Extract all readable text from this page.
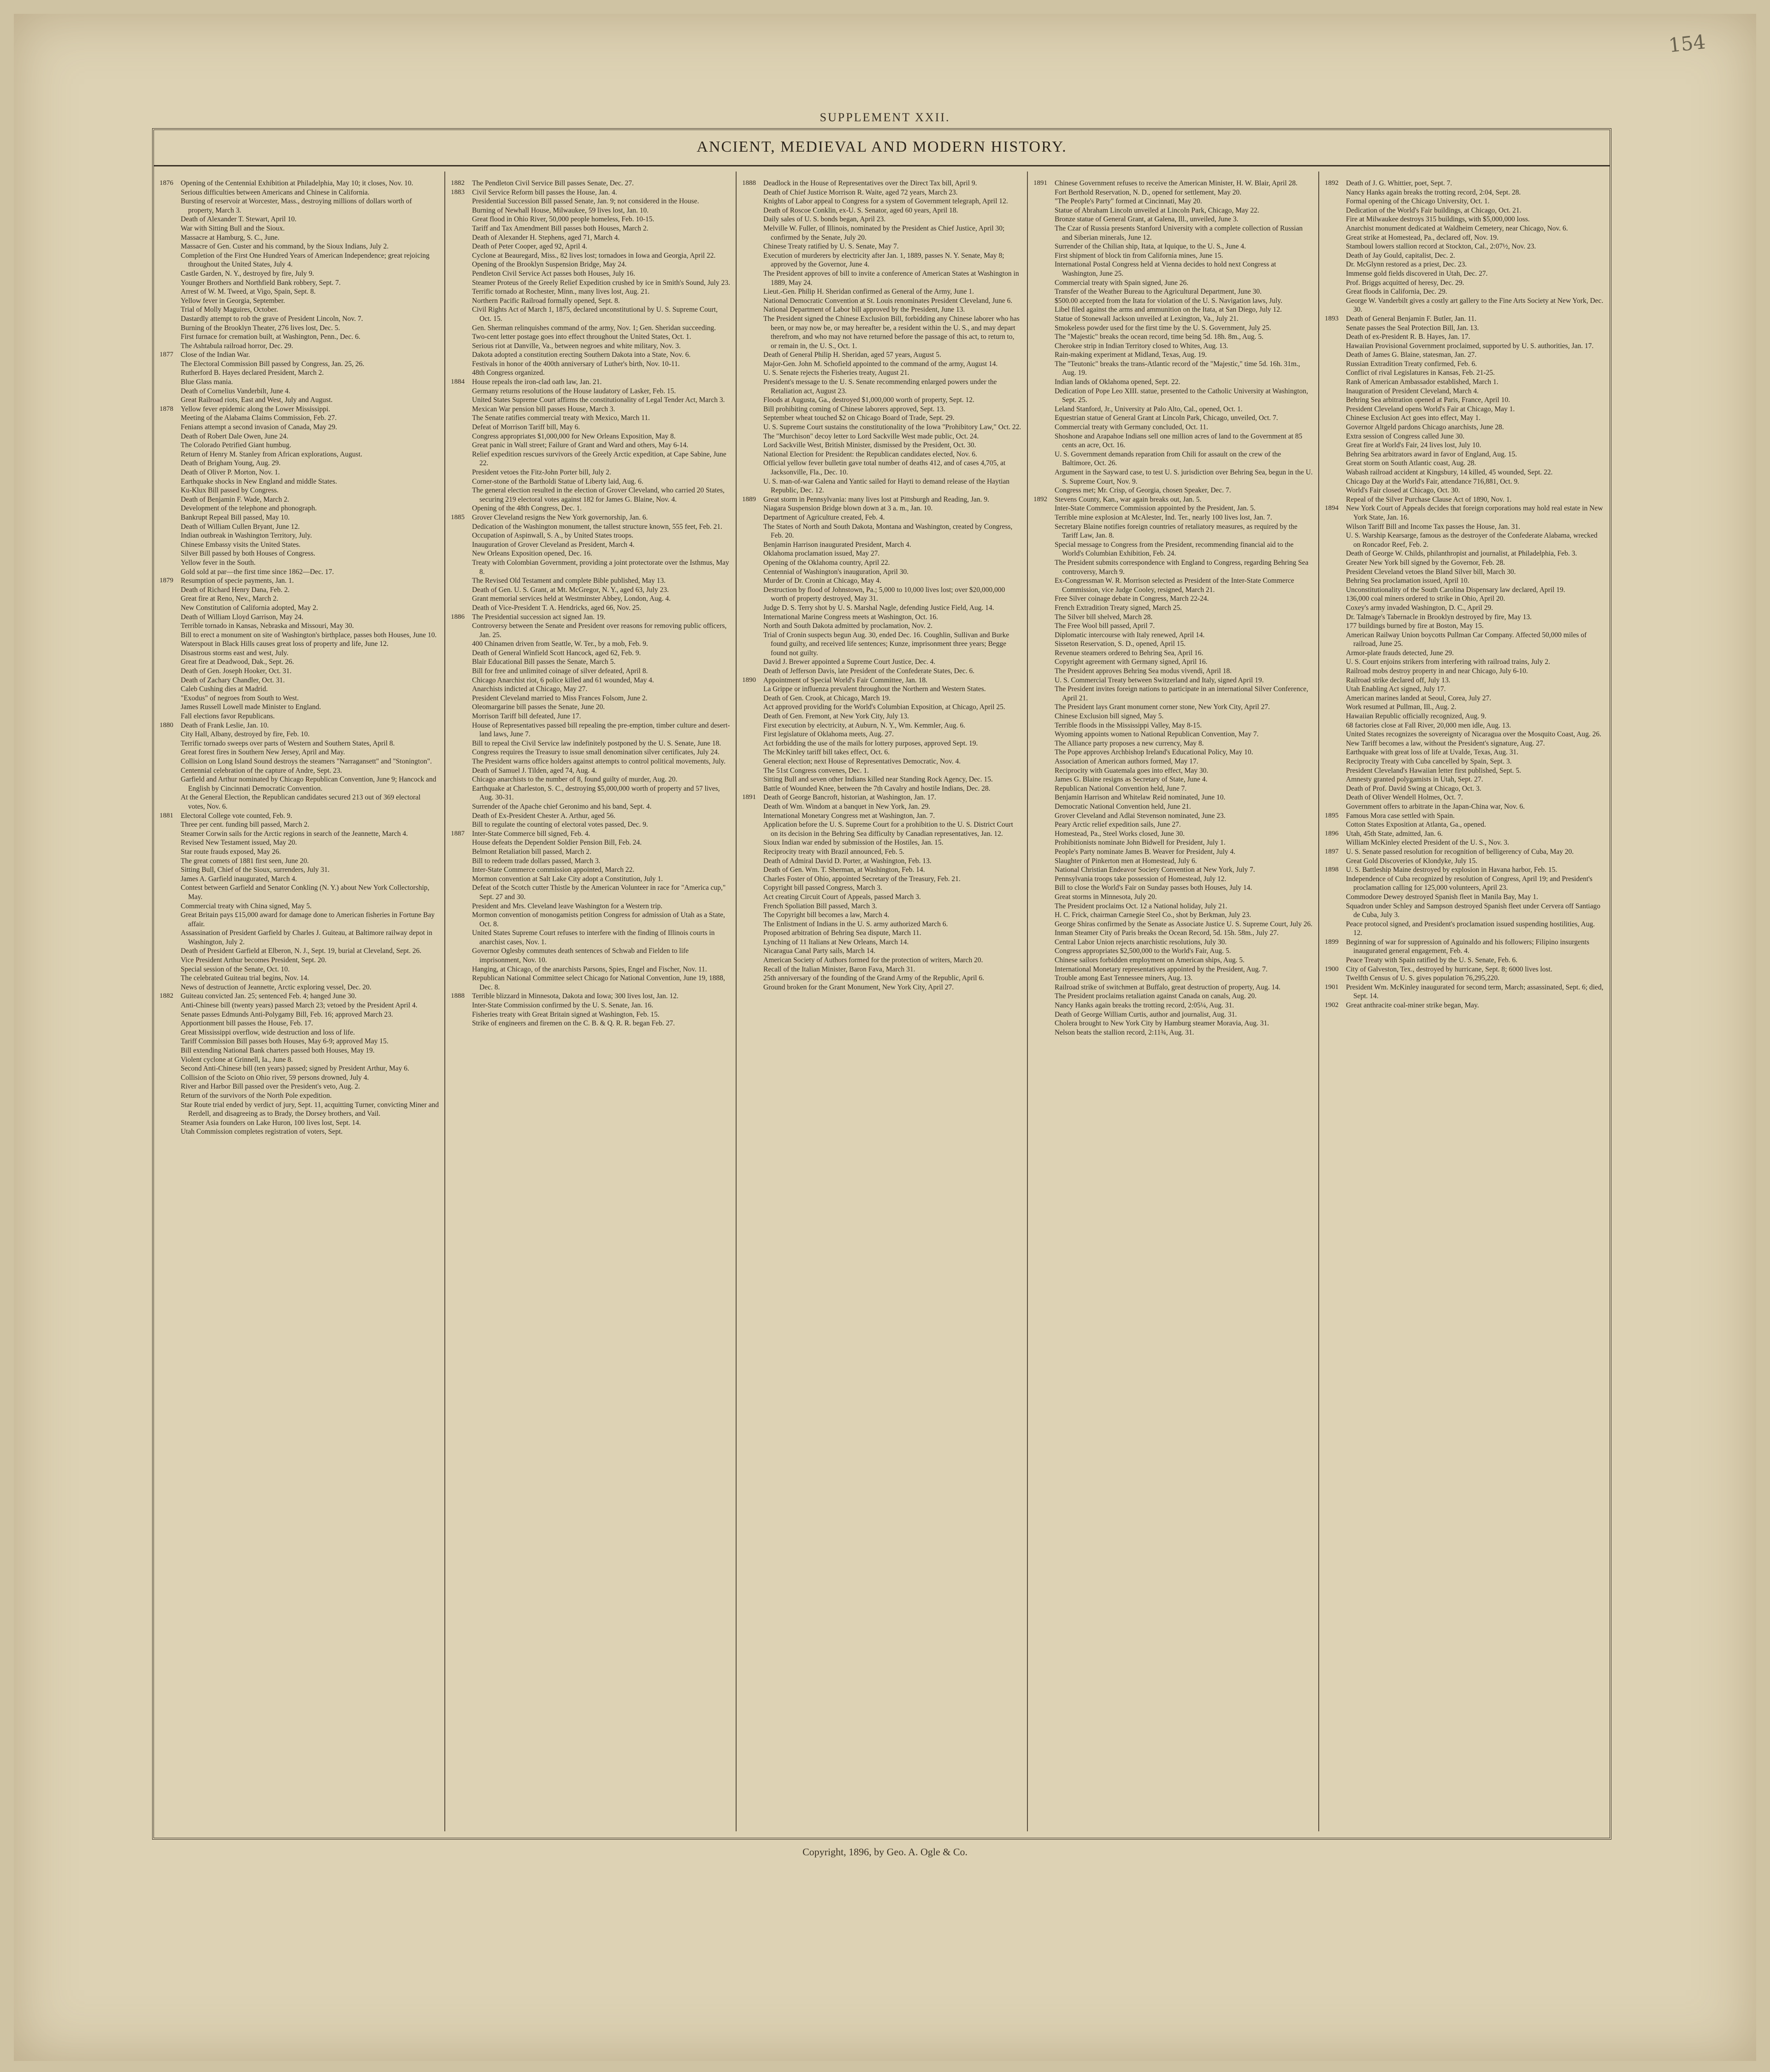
154
SUPPLEMENT XXII.
ANCIENT, MEDIEVAL AND MODERN HISTORY.
1876	Opening of the Centennial Exhibition at Philadelphia, May 10; it closes, Nov. 10.
Serious difficulties between Americans and Chinese in California.
Bursting of reservoir at Worcester, Mass., destroying millions of dollars worth of property, March 3.
Death of Alexander T. Stewart, April 10.
War with Sitting Bull and the Sioux.
Massacre at Hamburg, S. C., June.
Massacre of Gen. Custer and his command, by the Sioux Indians, July 2.
Completion of the First One Hundred Years of American Independence; great rejoicing throughout the United States, July 4.
Castle Garden, N. Y., destroyed by fire, July 9.
Younger Brothers and Northfield Bank robbery, Sept. 7.
Arrest of W. M. Tweed, at Vigo, Spain, Sept. 8.
Yellow fever in Georgia, September.
Trial of Molly Maguires, October.
Dastardly attempt to rob the grave of President Lincoln, Nov. 7.
Burning of the Brooklyn Theater, 276 lives lost, Dec. 5.
First furnace for cremation built, at Washington, Penn., Dec. 6.
The Ashtabula railroad horror, Dec. 29.
1877	Close of the Indian War.
The Electoral Commission Bill passed by Congress, Jan. 25, 26.
Rutherford B. Hayes declared President, March 2.
Blue Glass mania.
Death of Cornelius Vanderbilt, June 4.
Great Railroad riots, East and West, July and August.
1878	Yellow fever epidemic along the Lower Mississippi.
Meeting of the Alabama Claims Commission, Feb. 27.
Fenians attempt a second invasion of Canada, May 29.
Death of Robert Dale Owen, June 24.
The Colorado Petrified Giant humbug.
Return of Henry M. Stanley from African explorations, August.
Death of Brigham Young, Aug. 29.
Death of Oliver P. Morton, Nov. 1.
Earthquake shocks in New England and middle States.
Ku-Klux Bill passed by Congress.
Death of Benjamin F. Wade, March 2.
Development of the telephone and phonograph.
Bankrupt Repeal Bill passed, May 10.
Death of William Cullen Bryant, June 12.
Indian outbreak in Washington Territory, July.
Chinese Embassy visits the United States.
Silver Bill passed by both Houses of Congress.
Yellow fever in the South.
Gold sold at par—the first time since 1862—Dec. 17.
1879	Resumption of specie payments, Jan. 1.
Death of Richard Henry Dana, Feb. 2.
Great fire at Reno, Nev., March 2.
New Constitution of California adopted, May 2.
Death of William Lloyd Garrison, May 24.
Terrible tornado in Kansas, Nebraska and Missouri, May 30.
Bill to erect a monument on site of Washington's birthplace, passes both Houses, June 10.
Waterspout in Black Hills causes great loss of property and life, June 12.
Disastrous storms east and west, July.
Great fire at Deadwood, Dak., Sept. 26.
Death of Gen. Joseph Hooker, Oct. 31.
Death of Zachary Chandler, Oct. 31.
Caleb Cushing dies at Madrid.
"Exodus" of negroes from South to West.
James Russell Lowell made Minister to England.
Fall elections favor Republicans.
1880	Death of Frank Leslie, Jan. 10.
City Hall, Albany, destroyed by fire, Feb. 10.
Terrific tornado sweeps over parts of Western and Southern States, April 8.
Great forest fires in Southern New Jersey, April and May.
Collision on Long Island Sound destroys the steamers "Narragansett" and "Stonington".
Centennial celebration of the capture of Andre, Sept. 23.
Garfield and Arthur nominated by Chicago Republican Convention, June 9; Hancock and English by Cincinnati Democratic Convention.
At the General Election, the Republican candidates secured 213 out of 369 electoral votes, Nov. 6.
1881	Electoral College vote counted, Feb. 9.
Three per cent. funding bill passed, March 2.
Steamer Corwin sails for the Arctic regions in search of the Jeannette, March 4.
Revised New Testament issued, May 20.
Star route frauds exposed, May 26.
The great comets of 1881 first seen, June 20.
Sitting Bull, Chief of the Sioux, surrenders, July 31.
James A. Garfield inaugurated, March 4.
Contest between Garfield and Senator Conkling (N. Y.) about New York Collectorship, May.
Commercial treaty with China signed, May 5.
Great Britain pays £15,000 award for damage done to American fisheries in Fortune Bay affair.
Assassination of President Garfield by Charles J. Guiteau, at Baltimore railway depot in Washington, July 2.
Death of President Garfield at Elberon, N. J., Sept. 19, burial at Cleveland, Sept. 26.
Vice President Arthur becomes President, Sept. 20.
Special session of the Senate, Oct. 10.
The celebrated Guiteau trial begins, Nov. 14.
News of destruction of Jeannette, Arctic exploring vessel, Dec. 20.
1882	Guiteau convicted Jan. 25; sentenced Feb. 4; hanged June 30.
Anti-Chinese bill (twenty years) passed March 23; vetoed by the President April 4.
Senate passes Edmunds Anti-Polygamy Bill, Feb. 16; approved March 23.
Apportionment bill passes the House, Feb. 17.
Great Mississippi overflow, wide destruction and loss of life.
Tariff Commission Bill passes both Houses, May 6-9; approved May 15.
Bill extending National Bank charters passed both Houses, May 19.
Violent cyclone at Grinnell, Ia., June 8.
Second Anti-Chinese bill (ten years) passed; signed by President Arthur, May 6.
Collision of the Scioto on Ohio river, 59 persons drowned, July 4.
River and Harbor Bill passed over the President's veto, Aug. 2.
Return of the survivors of the North Pole expedition.
Star Route trial ended by verdict of jury, Sept. 11, acquitting Turner, convicting Miner and Rerdell, and disagreeing as to Brady, the Dorsey brothers, and Vail.
Steamer Asia founders on Lake Huron, 100 lives lost, Sept. 14.
Utah Commission completes registration of voters, Sept.
1882	The Pendleton Civil Service Bill passes Senate, Dec. 27.
1883	Civil Service Reform bill passes the House, Jan. 4.
Presidential Succession Bill passed Senate, Jan. 9; not considered in the House.
Burning of Newhall House, Milwaukee, 59 lives lost, Jan. 10.
Great flood in Ohio River, 50,000 people homeless, Feb. 10-15.
Tariff and Tax Amendment Bill passes both Houses, March 2.
Death of Alexander H. Stephens, aged 71, March 4.
Death of Peter Cooper, aged 92, April 4.
Cyclone at Beauregard, Miss., 82 lives lost; tornadoes in Iowa and Georgia, April 22.
Opening of the Brooklyn Suspension Bridge, May 24.
Pendleton Civil Service Act passes both Houses, July 16.
Steamer Proteus of the Greely Relief Expedition crushed by ice in Smith's Sound, July 23.
Terrific tornado at Rochester, Minn., many lives lost, Aug. 21.
Northern Pacific Railroad formally opened, Sept. 8.
Civil Rights Act of March 1, 1875, declared unconstitutional by U. S. Supreme Court, Oct. 15.
Gen. Sherman relinquishes command of the army, Nov. 1; Gen. Sheridan succeeding.
Two-cent letter postage goes into effect throughout the United States, Oct. 1.
Serious riot at Danville, Va., between negroes and white military, Nov. 3.
Dakota adopted a constitution erecting Southern Dakota into a State, Nov. 6.
Festivals in honor of the 400th anniversary of Luther's birth, Nov. 10-11.
48th Congress organized.
1884	House repeals the iron-clad oath law, Jan. 21.
Germany returns resolutions of the House laudatory of Lasker, Feb. 15.
United States Supreme Court affirms the constitutionality of Legal Tender Act, March 3.
Mexican War pension bill passes House, March 3.
The Senate ratifies commercial treaty with Mexico, March 11.
Defeat of Morrison Tariff bill, May 6.
Congress appropriates $1,000,000 for New Orleans Exposition, May 8.
Great panic in Wall street; Failure of Grant and Ward and others, May 6-14.
Relief expedition rescues survivors of the Greely Arctic expedition, at Cape Sabine, June 22.
President vetoes the Fitz-John Porter bill, July 2.
Corner-stone of the Bartholdi Statue of Liberty laid, Aug. 6.
The general election resulted in the election of Grover Cleveland, who carried 20 States, securing 219 electoral votes against 182 for James G. Blaine, Nov. 4.
Opening of the 48th Congress, Dec. 1.
1885	Grover Cleveland resigns the New York governorship, Jan. 6.
Dedication of the Washington monument, the tallest structure known, 555 feet, Feb. 21.
Occupation of Aspinwall, S. A., by United States troops.
Inauguration of Grover Cleveland as President, March 4.
New Orleans Exposition opened, Dec. 16.
Treaty with Colombian Government, providing a joint protectorate over the Isthmus, May 8.
The Revised Old Testament and complete Bible published, May 13.
Death of Gen. U. S. Grant, at Mt. McGregor, N. Y., aged 63, July 23.
Grant memorial services held at Westminster Abbey, London, Aug. 4.
Death of Vice-President T. A. Hendricks, aged 66, Nov. 25.
1886	The Presidential succession act signed Jan. 19.
Controversy between the Senate and President over reasons for removing public officers, Jan. 25.
400 Chinamen driven from Seattle, W. Ter., by a mob, Feb. 9.
Death of General Winfield Scott Hancock, aged 62, Feb. 9.
Blair Educational Bill passes the Senate, March 5.
Bill for free and unlimited coinage of silver defeated, April 8.
Chicago Anarchist riot, 6 police killed and 61 wounded, May 4.
Anarchists indicted at Chicago, May 27.
President Cleveland married to Miss Frances Folsom, June 2.
Oleomargarine bill passes the Senate, June 20.
Morrison Tariff bill defeated, June 17.
House of Representatives passed bill repealing the pre-emption, timber culture and desert-land laws, June 7.
Bill to repeal the Civil Service law indefinitely postponed by the U. S. Senate, June 18.
Congress requires the Treasury to issue small denomination silver certificates, July 24.
The President warns office holders against attempts to control political movements, July.
Death of Samuel J. Tilden, aged 74, Aug. 4.
Chicago anarchists to the number of 8, found guilty of murder, Aug. 20.
Earthquake at Charleston, S. C., destroying $5,000,000 worth of property and 57 lives, Aug. 30-31.
Surrender of the Apache chief Geronimo and his band, Sept. 4.
Death of Ex-President Chester A. Arthur, aged 56.
Bill to regulate the counting of electoral votes passed, Dec. 9.
1887	Inter-State Commerce bill signed, Feb. 4.
House defeats the Dependent Soldier Pension Bill, Feb. 24.
Belmont Retaliation bill passed, March 2.
Bill to redeem trade dollars passed, March 3.
Inter-State Commerce commission appointed, March 22.
Mormon convention at Salt Lake City adopt a Constitution, July 1.
Defeat of the Scotch cutter Thistle by the American Volunteer in race for "America cup," Sept. 27 and 30.
President and Mrs. Cleveland leave Washington for a Western trip.
Mormon convention of monogamists petition Congress for admission of Utah as a State, Oct. 8.
United States Supreme Court refuses to interfere with the finding of Illinois courts in anarchist cases, Nov. 1.
Governor Oglesby commutes death sentences of Schwab and Fielden to life imprisonment, Nov. 10.
Hanging, at Chicago, of the anarchists Parsons, Spies, Engel and Fischer, Nov. 11.
Republican National Committee select Chicago for National Convention, June 19, 1888, Dec. 8.
1888	Terrible blizzard in Minnesota, Dakota and Iowa; 300 lives lost, Jan. 12.
Inter-State Commission confirmed by the U. S. Senate, Jan. 16.
Fisheries treaty with Great Britain signed at Washington, Feb. 15.
Strike of engineers and firemen on the C. B. & Q. R. R. began Feb. 27.
1888	Deadlock in the House of Representatives over the Direct Tax bill, April 9.
Death of Chief Justice Morrison R. Waite, aged 72 years, March 23.
Knights of Labor appeal to Congress for a system of Government telegraph, April 12.
Death of Roscoe Conklin, ex-U. S. Senator, aged 60 years, April 18.
Daily sales of U. S. bonds began, April 23.
Melville W. Fuller, of Illinois, nominated by the President as Chief Justice, April 30; confirmed by the Senate, July 20.
Chinese Treaty ratified by U. S. Senate, May 7.
Execution of murderers by electricity after Jan. 1, 1889, passes N. Y. Senate, May 8; approved by the Governor, June 4.
The President approves of bill to invite a conference of American States at Washington in 1889, May 24.
Lieut.-Gen. Philip H. Sheridan confirmed as General of the Army, June 1.
National Democratic Convention at St. Louis renominates President Cleveland, June 6.
National Department of Labor bill approved by the President, June 13.
The President signed the Chinese Exclusion Bill, forbidding any Chinese laborer who has been, or may now be, or may hereafter be, a resident within the U. S., and may depart therefrom, and who may not have returned before the passage of this act, to return to, or remain in, the U. S., Oct. 1.
Death of General Philip H. Sheridan, aged 57 years, August 5.
Major-Gen. John M. Schofield appointed to the command of the army, August 14.
U. S. Senate rejects the Fisheries treaty, August 21.
President's message to the U. S. Senate recommending enlarged powers under the Retaliation act, August 23.
Floods at Augusta, Ga., destroyed $1,000,000 worth of property, Sept. 12.
Bill prohibiting coming of Chinese laborers approved, Sept. 13.
September wheat touched $2 on Chicago Board of Trade, Sept. 29.
U. S. Supreme Court sustains the constitutionality of the Iowa "Prohibitory Law," Oct. 22.
The "Murchison" decoy letter to Lord Sackville West made public, Oct. 24.
Lord Sackville West, British Minister, dismissed by the President, Oct. 30.
National Election for President: the Republican candidates elected, Nov. 6.
Official yellow fever bulletin gave total number of deaths 412, and of cases 4,705, at Jacksonville, Fla., Dec. 10.
U. S. man-of-war Galena and Yantic sailed for Hayti to demand release of the Haytian Republic, Dec. 12.
1889	Great storm in Pennsylvania: many lives lost at Pittsburgh and Reading, Jan. 9.
Niagara Suspension Bridge blown down at 3 a. m., Jan. 10.
Department of Agriculture created, Feb. 4.
The States of North and South Dakota, Montana and Washington, created by Congress, Feb. 20.
Benjamin Harrison inaugurated President, March 4.
Oklahoma proclamation issued, May 27.
Opening of the Oklahoma country, April 22.
Centennial of Washington's inauguration, April 30.
Murder of Dr. Cronin at Chicago, May 4.
Destruction by flood of Johnstown, Pa.; 5,000 to 10,000 lives lost; over $20,000,000 worth of property destroyed, May 31.
Judge D. S. Terry shot by U. S. Marshal Nagle, defending Justice Field, Aug. 14.
International Marine Congress meets at Washington, Oct. 16.
North and South Dakota admitted by proclamation, Nov. 2.
Trial of Cronin suspects begun Aug. 30, ended Dec. 16. Coughlin, Sullivan and Burke found guilty, and received life sentences; Kunze, imprisonment three years; Begge found not guilty.
David J. Brewer appointed a Supreme Court Justice, Dec. 4.
Death of Jefferson Davis, late President of the Confederate States, Dec. 6.
1890	Appointment of Special World's Fair Committee, Jan. 18.
La Grippe or influenza prevalent throughout the Northern and Western States.
Death of Gen. Crook, at Chicago, March 19.
Act approved providing for the World's Columbian Exposition, at Chicago, April 25.
Death of Gen. Fremont, at New York City, July 13.
First execution by electricity, at Auburn, N. Y., Wm. Kemmler, Aug. 6.
First legislature of Oklahoma meets, Aug. 27.
Act forbidding the use of the mails for lottery purposes, approved Sept. 19.
The McKinley tariff bill takes effect, Oct. 6.
General election; next House of Representatives Democratic, Nov. 4.
The 51st Congress convenes, Dec. 1.
Sitting Bull and seven other Indians killed near Standing Rock Agency, Dec. 15.
Battle of Wounded Knee, between the 7th Cavalry and hostile Indians, Dec. 28.
1891	Death of George Bancroft, historian, at Washington, Jan. 17.
Death of Wm. Windom at a banquet in New York, Jan. 29.
International Monetary Congress met at Washington, Jan. 7.
Application before the U. S. Supreme Court for a prohibition to the U. S. District Court on its decision in the Behring Sea difficulty by Canadian representatives, Jan. 12.
Sioux Indian war ended by submission of the Hostiles, Jan. 15.
Reciprocity treaty with Brazil announced, Feb. 5.
Death of Admiral David D. Porter, at Washington, Feb. 13.
Death of Gen. Wm. T. Sherman, at Washington, Feb. 14.
Charles Foster of Ohio, appointed Secretary of the Treasury, Feb. 21.
Copyright bill passed Congress, March 3.
Act creating Circuit Court of Appeals, passed March 3.
French Spoliation Bill passed, March 3.
The Copyright bill becomes a law, March 4.
The Enlistment of Indians in the U. S. army authorized March 6.
Proposed arbitration of Behring Sea dispute, March 11.
Lynching of 11 Italians at New Orleans, March 14.
Nicaragua Canal Party sails, March 14.
American Society of Authors formed for the protection of writers, March 20.
Recall of the Italian Minister, Baron Fava, March 31.
25th anniversary of the founding of the Grand Army of the Republic, April 6.
Ground broken for the Grant Monument, New York City, April 27.
1891	Chinese Government refuses to receive the American Minister, H. W. Blair, April 28.
Fort Berthold Reservation, N. D., opened for settlement, May 20.
"The People's Party" formed at Cincinnati, May 20.
Statue of Abraham Lincoln unveiled at Lincoln Park, Chicago, May 22.
Bronze statue of General Grant, at Galena, Ill., unveiled, June 3.
The Czar of Russia presents Stanford University with a complete collection of Russian and Siberian minerals, June 12.
Surrender of the Chilian ship, Itata, at Iquique, to the U. S., June 4.
First shipment of block tin from California mines, June 15.
International Postal Congress held at Vienna decides to hold next Congress at Washington, June 25.
Commercial treaty with Spain signed, June 26.
Transfer of the Weather Bureau to the Agricultural Department, June 30.
$500.00 accepted from the Itata for violation of the U. S. Navigation laws, July.
Libel filed against the arms and ammunition on the Itata, at San Diego, July 12.
Statue of Stonewall Jackson unveiled at Lexington, Va., July 21.
Smokeless powder used for the first time by the U. S. Government, July 25.
The "Majestic" breaks the ocean record, time being 5d. 18h. 8m., Aug. 5.
Cherokee strip in Indian Territory closed to Whites, Aug. 13.
Rain-making experiment at Midland, Texas, Aug. 19.
The "Teutonic" breaks the trans-Atlantic record of the "Majestic," time 5d. 16h. 31m., Aug. 19.
Indian lands of Oklahoma opened, Sept. 22.
Dedication of Pope Leo XIII. statue, presented to the Catholic University at Washington, Sept. 25.
Leland Stanford, Jr., University at Palo Alto, Cal., opened, Oct. 1.
Equestrian statue of General Grant at Lincoln Park, Chicago, unveiled, Oct. 7.
Commercial treaty with Germany concluded, Oct. 11.
Shoshone and Arapahoe Indians sell one million acres of land to the Government at 85 cents an acre, Oct. 16.
U. S. Government demands reparation from Chili for assault on the crew of the Baltimore, Oct. 26.
Argument in the Sayward case, to test U. S. jurisdiction over Behring Sea, begun in the U. S. Supreme Court, Nov. 9.
Congress met; Mr. Crisp, of Georgia, chosen Speaker, Dec. 7.
1892	Stevens County, Kan., war again breaks out, Jan. 5.
Inter-State Commerce Commission appointed by the President, Jan. 5.
Terrible mine explosion at McAlester, Ind. Ter., nearly 100 lives lost, Jan. 7.
Secretary Blaine notifies foreign countries of retaliatory measures, as required by the Tariff Law, Jan. 8.
Special message to Congress from the President, recommending financial aid to the World's Columbian Exhibition, Feb. 24.
The President submits correspondence with England to Congress, regarding Behring Sea controversy, March 9.
Ex-Congressman W. R. Morrison selected as President of the Inter-State Commerce Commission, vice Judge Cooley, resigned, March 21.
Free Silver coinage debate in Congress, March 22-24.
French Extradition Treaty signed, March 25.
The Silver bill shelved, March 28.
The Free Wool bill passed, April 7.
Diplomatic intercourse with Italy renewed, April 14.
Sisseton Reservation, S. D., opened, April 15.
Revenue steamers ordered to Behring Sea, April 16.
Copyright agreement with Germany signed, April 16.
The President approves Behring Sea modus vivendi, April 18.
U. S. Commercial Treaty between Switzerland and Italy, signed April 19.
The President invites foreign nations to participate in an international Silver Conference, April 21.
The President lays Grant monument corner stone, New York City, April 27.
Chinese Exclusion bill signed, May 5.
Terrible floods in the Mississippi Valley, May 8-15.
Wyoming appoints women to National Republican Convention, May 7.
The Alliance party proposes a new currency, May 8.
The Pope approves Archbishop Ireland's Educational Policy, May 10.
Association of American authors formed, May 17.
Reciprocity with Guatemala goes into effect, May 30.
James G. Blaine resigns as Secretary of State, June 4.
Republican National Convention held, June 7.
Benjamin Harrison and Whitelaw Reid nominated, June 10.
Democratic National Convention held, June 21.
Grover Cleveland and Adlai Stevenson nominated, June 23.
Peary Arctic relief expedition sails, June 27.
Homestead, Pa., Steel Works closed, June 30.
Prohibitionists nominate John Bidwell for President, July 1.
People's Party nominate James B. Weaver for President, July 4.
Slaughter of Pinkerton men at Homestead, July 6.
National Christian Endeavor Society Convention at New York, July 7.
Pennsylvania troops take possession of Homestead, July 12.
Bill to close the World's Fair on Sunday passes both Houses, July 14.
Great storms in Minnesota, July 20.
The President proclaims Oct. 12 a National holiday, July 21.
H. C. Frick, chairman Carnegie Steel Co., shot by Berkman, July 23.
George Shiras confirmed by the Senate as Associate Justice U. S. Supreme Court, July 26.
Inman Steamer City of Paris breaks the Ocean Record, 5d. 15h. 58m., July 27.
Central Labor Union rejects anarchistic resolutions, July 30.
Congress appropriates $2,500,000 to the World's Fair, Aug. 5.
Chinese sailors forbidden employment on American ships, Aug. 5.
International Monetary representatives appointed by the President, Aug. 7.
Trouble among East Tennessee miners, Aug. 13.
Railroad strike of switchmen at Buffalo, great destruction of property, Aug. 14.
The President proclaims retaliation against Canada on canals, Aug. 20.
Nancy Hanks again breaks the trotting record, 2:05¼, Aug. 31.
Death of George William Curtis, author and journalist, Aug. 31.
Cholera brought to New York City by Hamburg steamer Moravia, Aug. 31.
Nelson beats the stallion record, 2:11¾, Aug. 31.
1892	Death of J. G. Whittier, poet, Sept. 7.
Nancy Hanks again breaks the trotting record, 2:04, Sept. 28.
Formal opening of the Chicago University, Oct. 1.
Dedication of the World's Fair buildings, at Chicago, Oct. 21.
Fire at Milwaukee destroys 315 buildings, with $5,000,000 loss.
Anarchist monument dedicated at Waldheim Cemetery, near Chicago, Nov. 6.
Great strike at Homestead, Pa., declared off, Nov. 19.
Stamboul lowers stallion record at Stockton, Cal., 2:07½, Nov. 23.
Death of Jay Gould, capitalist, Dec. 2.
Dr. McGlynn restored as a priest, Dec. 23.
Immense gold fields discovered in Utah, Dec. 27.
Prof. Briggs acquitted of heresy, Dec. 29.
Great floods in California, Dec. 29.
George W. Vanderbilt gives a costly art gallery to the Fine Arts Society at New York, Dec. 30.
1893	Death of General Benjamin F. Butler, Jan. 11.
Senate passes the Seal Protection Bill, Jan. 13.
Death of ex-President R. B. Hayes, Jan. 17.
Hawaiian Provisional Government proclaimed, supported by U. S. authorities, Jan. 17.
Death of James G. Blaine, statesman, Jan. 27.
Russian Extradition Treaty confirmed, Feb. 6.
Conflict of rival Legislatures in Kansas, Feb. 21-25.
Rank of American Ambassador established, March 1.
Inauguration of President Cleveland, March 4.
Behring Sea arbitration opened at Paris, France, April 10.
President Cleveland opens World's Fair at Chicago, May 1.
Chinese Exclusion Act goes into effect, May 1.
Governor Altgeld pardons Chicago anarchists, June 28.
Extra session of Congress called June 30.
Great fire at World's Fair, 24 lives lost, July 10.
Behring Sea arbitrators award in favor of England, Aug. 15.
Great storm on South Atlantic coast, Aug. 28.
Wabash railroad accident at Kingsbury, 14 killed, 45 wounded, Sept. 22.
Chicago Day at the World's Fair, attendance 716,881, Oct. 9.
World's Fair closed at Chicago, Oct. 30.
Repeal of the Silver Purchase Clause Act of 1890, Nov. 1.
1894	New York Court of Appeals decides that foreign corporations may hold real estate in New York State, Jan. 16.
Wilson Tariff Bill and Income Tax passes the House, Jan. 31.
U. S. Warship Kearsarge, famous as the destroyer of the Confederate Alabama, wrecked on Roncador Reef, Feb. 2.
Death of George W. Childs, philanthropist and journalist, at Philadelphia, Feb. 3.
Greater New York bill signed by the Governor, Feb. 28.
President Cleveland vetoes the Bland Silver bill, March 30.
Behring Sea proclamation issued, April 10.
Unconstitutionality of the South Carolina Dispensary law declared, April 19.
136,000 coal miners ordered to strike in Ohio, April 20.
Coxey's army invaded Washington, D. C., April 29.
Dr. Talmage's Tabernacle in Brooklyn destroyed by fire, May 13.
177 buildings burned by fire at Boston, May 15.
American Railway Union boycotts Pullman Car Company. Affected 50,000 miles of railroad, June 25.
Armor-plate frauds detected, June 29.
U. S. Court enjoins strikers from interfering with railroad trains, July 2.
Railroad mobs destroy property in and near Chicago, July 6-10.
Railroad strike declared off, July 13.
Utah Enabling Act signed, July 17.
American marines landed at Seoul, Corea, July 27.
Work resumed at Pullman, Ill., Aug. 2.
Hawaiian Republic officially recognized, Aug. 9.
68 factories close at Fall River, 20,000 men idle, Aug. 13.
United States recognizes the sovereignty of Nicaragua over the Mosquito Coast, Aug. 26.
New Tariff becomes a law, without the President's signature, Aug. 27.
Earthquake with great loss of life at Uvalde, Texas, Aug. 31.
Reciprocity Treaty with Cuba cancelled by Spain, Sept. 3.
President Cleveland's Hawaiian letter first published, Sept. 5.
Amnesty granted polygamists in Utah, Sept. 27.
Death of Prof. David Swing at Chicago, Oct. 3.
Death of Oliver Wendell Holmes, Oct. 7.
Government offers to arbitrate in the Japan-China war, Nov. 6.
1895	Famous Mora case settled with Spain.
Cotton States Exposition at Atlanta, Ga., opened.
1896	Utah, 45th State, admitted, Jan. 6.
William McKinley elected President of the U. S., Nov. 3.
1897	U. S. Senate passed resolution for recognition of belligerency of Cuba, May 20.
Great Gold Discoveries of Klondyke, July 15.
1898	U. S. Battleship Maine destroyed by explosion in Havana harbor, Feb. 15.
Independence of Cuba recognized by resolution of Congress, April 19; and President's proclamation calling for 125,000 volunteers, April 23.
Commodore Dewey destroyed Spanish fleet in Manila Bay, May 1.
Squadron under Schley and Sampson destroyed Spanish fleet under Cervera off Santiago de Cuba, July 3.
Peace protocol signed, and President's proclamation issued suspending hostilities, Aug. 12.
1899	Beginning of war for suppression of Aguinaldo and his followers; Filipino insurgents inaugurated general engagement, Feb. 4.
Peace Treaty with Spain ratified by the U. S. Senate, Feb. 6.
1900	City of Galveston, Tex., destroyed by hurricane, Sept. 8; 6000 lives lost.
Twelfth Census of U. S. gives population 76,295,220.
1901	President Wm. McKinley inaugurated for second term, March; assassinated, Sept. 6; died, Sept. 14.
1902	Great anthracite coal-miner strike began, May.
Copyright, 1896, by Geo. A. Ogle & Co.
